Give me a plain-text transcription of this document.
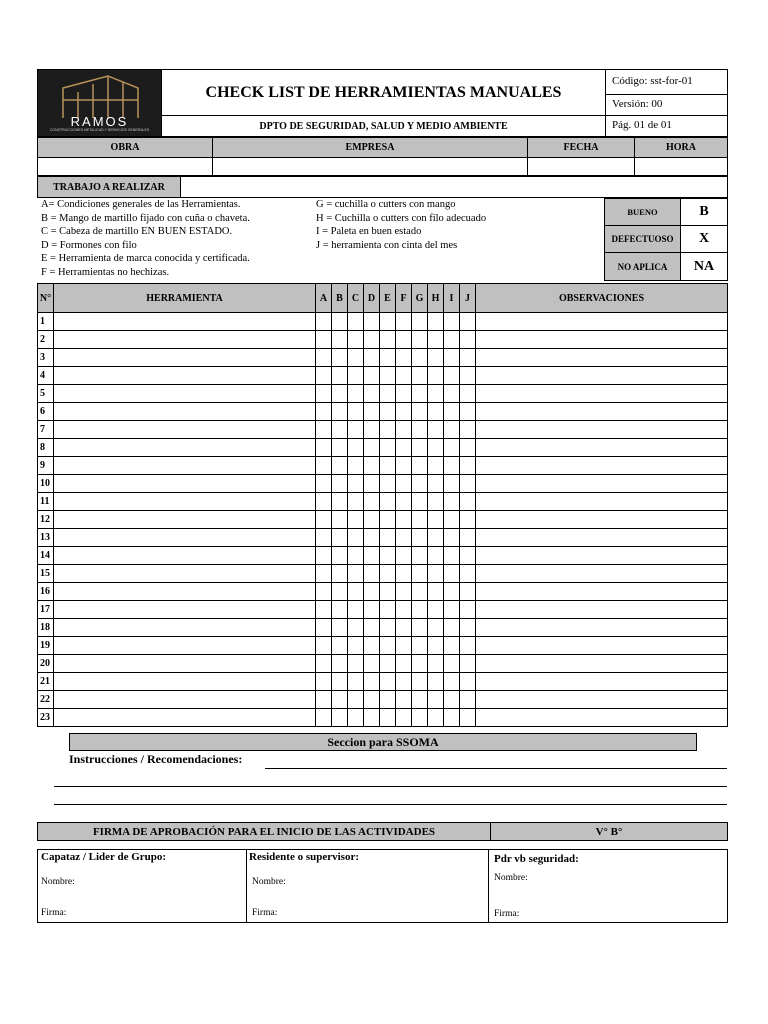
RAMOS
CONSTRUCCIONES METALICAS Y SERVICIOS GENERALES
CHECK LIST DE HERRAMIENTAS MANUALES
DPTO DE SEGURIDAD, SALUD Y MEDIO AMBIENTE
Código: sst-for-01
Versión: 00
Pág. 01 de 01
OBRA	EMPRESA	FECHA	HORA
TRABAJO A REALIZAR
A= Condiciones generales de las Herramientas.
B = Mango de martillo fijado con cuña o chaveta.
C = Cabeza de martillo EN BUEN ESTADO.
D = Formones con filo
E = Herramienta de marca conocida y certificada.
F = Herramientas no hechizas.
G = cuchilla o cutters con mango
H = Cuchilla o cutters con filo adecuado
I = Paleta en buen estado
J = herramienta con cinta del mes
BUENO	B
DEFECTUOSO	X
NO APLICA	NA
N°	HERRAMIENTA	A	B	C	D	E	F	G	H	I	J	OBSERVACIONES
1												
2												
3												
4												
5												
6												
7												
8												
9												
10												
11												
12												
13												
14												
15												
16												
17												
18												
19												
20												
21												
22												
23												
Seccion para SSOMA
Instrucciones / Recomendaciones:
FIRMA DE APROBACIÓN PARA EL INICIO DE LAS ACTIVIDADES	V° B°
Capataz / Lider de Grupo:
Nombre:
Firma:
Residente o supervisor:
Nombre:
Firma:
Pdr vb seguridad:
Nombre:
Firma:
